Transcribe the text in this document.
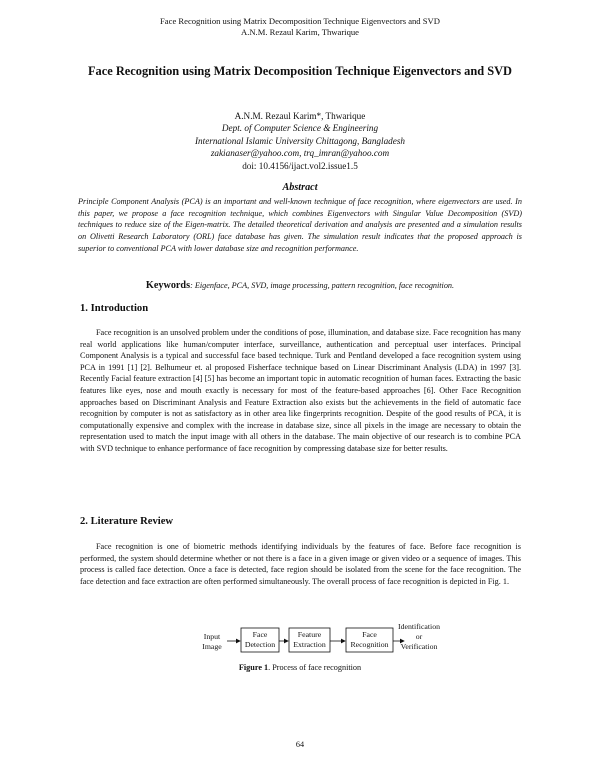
Face Recognition using Matrix Decomposition Technique Eigenvectors and SVD
A.N.M. Rezaul Karim, Thwarique
Face Recognition using Matrix Decomposition Technique Eigenvectors and SVD
A.N.M. Rezaul Karim*, Thwarique
Dept. of Computer Science & Engineering
International Islamic University Chittagong, Bangladesh
zakianaser@yahoo.com, trq_imran@yahoo.com
doi: 10.4156/ijact.vol2.issue1.5
Abstract
Principle Component Analysis (PCA) is an important and well-known technique of face recognition, where eigenvectors are used. In this paper, we propose a face recognition technique, which combines Eigenvectors with Singular Value Decomposition (SVD) techniques to reduce size of the Eigen-matrix. The detailed theoretical derivation and analysis are presented and a simulation results on Olivetti Research Laboratory (ORL) face database has given. The simulation result indicates that the proposed approach is superior to conventional PCA with lower database size and recognition performance.
Keywords: Eigenface, PCA, SVD, image processing, pattern recognition, face recognition.
1. Introduction
Face recognition is an unsolved problem under the conditions of pose, illumination, and database size. Face recognition has many real world applications like human/computer interface, surveillance, authentication and perceptual user interfaces. Principal Component Analysis is a typical and successful face based technique. Turk and Pentland developed a face recognition system using PCA in 1991 [1] [2]. Belhumeur et. al proposed Fisherface technique based on Linear Discriminant Analysis (LDA) in 1997 [3]. Recently Facial feature extraction [4] [5] has become an important topic in automatic recognition of human faces. Extracting the basic features like eyes, nose and mouth exactly is necessary for most of the feature-based approaches [6]. Other Face Recognition approaches based on Discriminant Analysis and Feature Extraction also exists but the achievements in the field of automatic face recognition by computer is not as satisfactory as in other area like fingerprints recognition. Despite of the good results of PCA, it is computationally expensive and complex with the increase in database size, since all pixels in the image are necessary to obtain the representation used to match the input image with all others in the database. The main objective of our research is to combine PCA with SVD technique to enhance performance of face recognition by compressing database size for better results.
2. Literature Review
Face recognition is one of biometric methods identifying individuals by the features of face. Before face recognition is performed, the system should determine whether or not there is a face in a given image or given video or a sequence of images. This process is called face detection. Once a face is detected, face region should be isolated from the scene for the face recognition. The face detection and face extraction are often performed simultaneously. The overall process of face recognition is depicted in Fig. 1.
Input
Image
Face
Detection
Feature
Extraction
Face
Recognition
Identification
or
Verification
Figure 1. Process of face recognition
64
